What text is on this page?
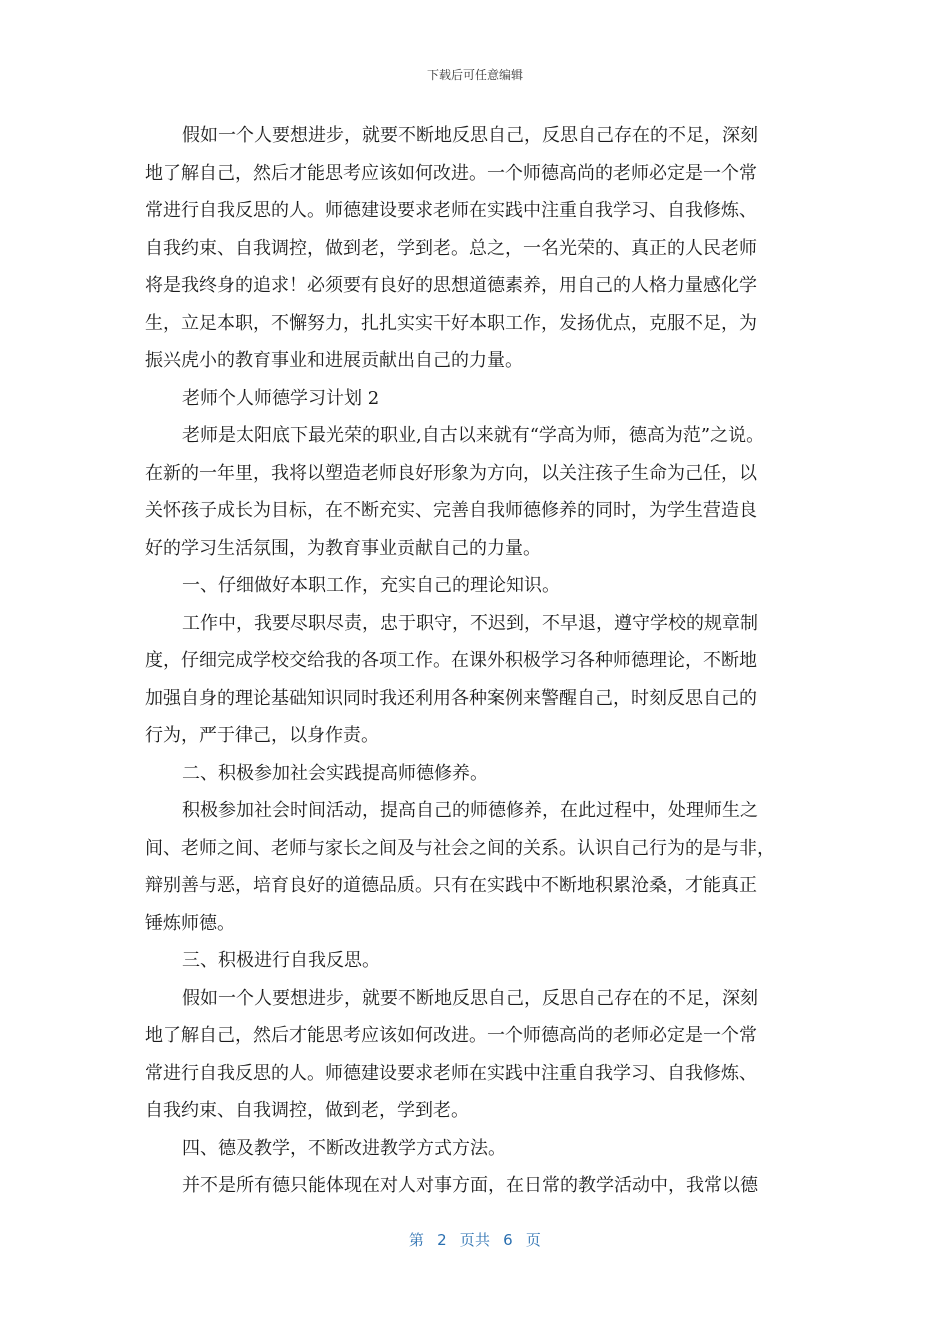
下载后可任意编辑
假如一个人要想进步，就要不断地反思自己，反思自己存在的不足，深刻
地了解自己，然后才能思考应该如何改进。一个师德高尚的老师必定是一个常
常进行自我反思的人。师德建设要求老师在实践中注重自我学习、自我修炼、
自我约束、自我调控，做到老，学到老。总之，一名光荣的、真正的人民老师
将是我终身的追求！必须要有良好的思想道德素养，用自己的人格力量感化学
生，立足本职，不懈努力，扎扎实实干好本职工作，发扬优点，克服不足，为
振兴虎小的教育事业和进展贡献出自己的力量。
老师个人师德学习计划 2
老师是太阳底下最光荣的职业,自古以来就有“学高为师，德高为范”之说。
在新的一年里，我将以塑造老师良好形象为方向，以关注孩子生命为己任，以
关怀孩子成长为目标，在不断充实、完善自我师德修养的同时，为学生营造良
好的学习生活氛围，为教育事业贡献自己的力量。
一、仔细做好本职工作，充实自己的理论知识。
工作中，我要尽职尽责，忠于职守，不迟到，不早退，遵守学校的规章制
度，仔细完成学校交给我的各项工作。在课外积极学习各种师德理论，不断地
加强自身的理论基础知识同时我还利用各种案例来警醒自己，时刻反思自己的
行为，严于律己，以身作责。
二、积极参加社会实践提高师德修养。
积极参加社会时间活动，提高自己的师德修养，在此过程中，处理师生之
间、老师之间、老师与家长之间及与社会之间的关系。认识自己行为的是与非，
辩别善与恶，培育良好的道德品质。只有在实践中不断地积累沧桑，才能真正
锤炼师德。
三、积极进行自我反思。
假如一个人要想进步，就要不断地反思自己，反思自己存在的不足，深刻
地了解自己，然后才能思考应该如何改进。一个师德高尚的老师必定是一个常
常进行自我反思的人。师德建设要求老师在实践中注重自我学习、自我修炼、
自我约束、自我调控，做到老，学到老。
四、德及教学，不断改进教学方式方法。
并不是所有德只能体现在对人对事方面，在日常的教学活动中，我常以德
第 2 页共 6 页
